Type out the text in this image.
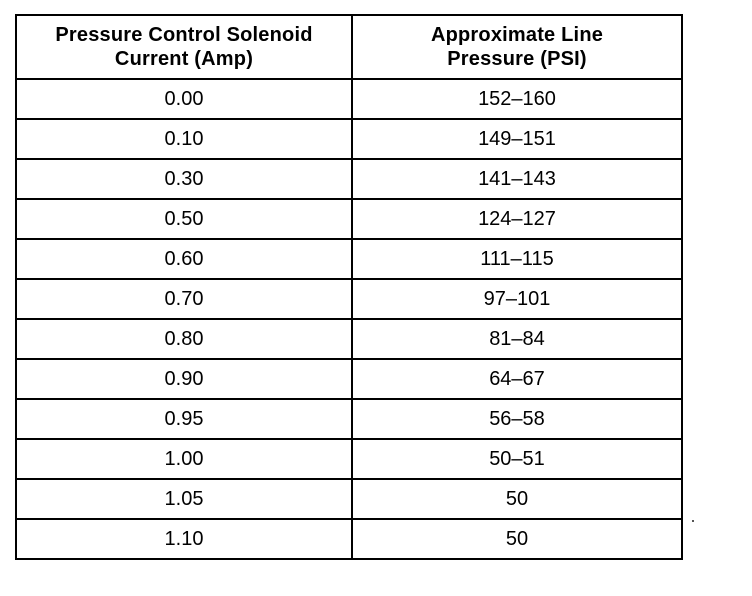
Pressure Control Solenoid
Current (Amp)	Approximate Line
Pressure (PSI)

0.00	152–160
0.10	149–151
0.30	141–143
0.50	124–127
0.60	111–115
0.70	97–101
0.80	81–84
0.90	64–67
0.95	56–58
1.00	50–51
1.05	50
1.10	50
